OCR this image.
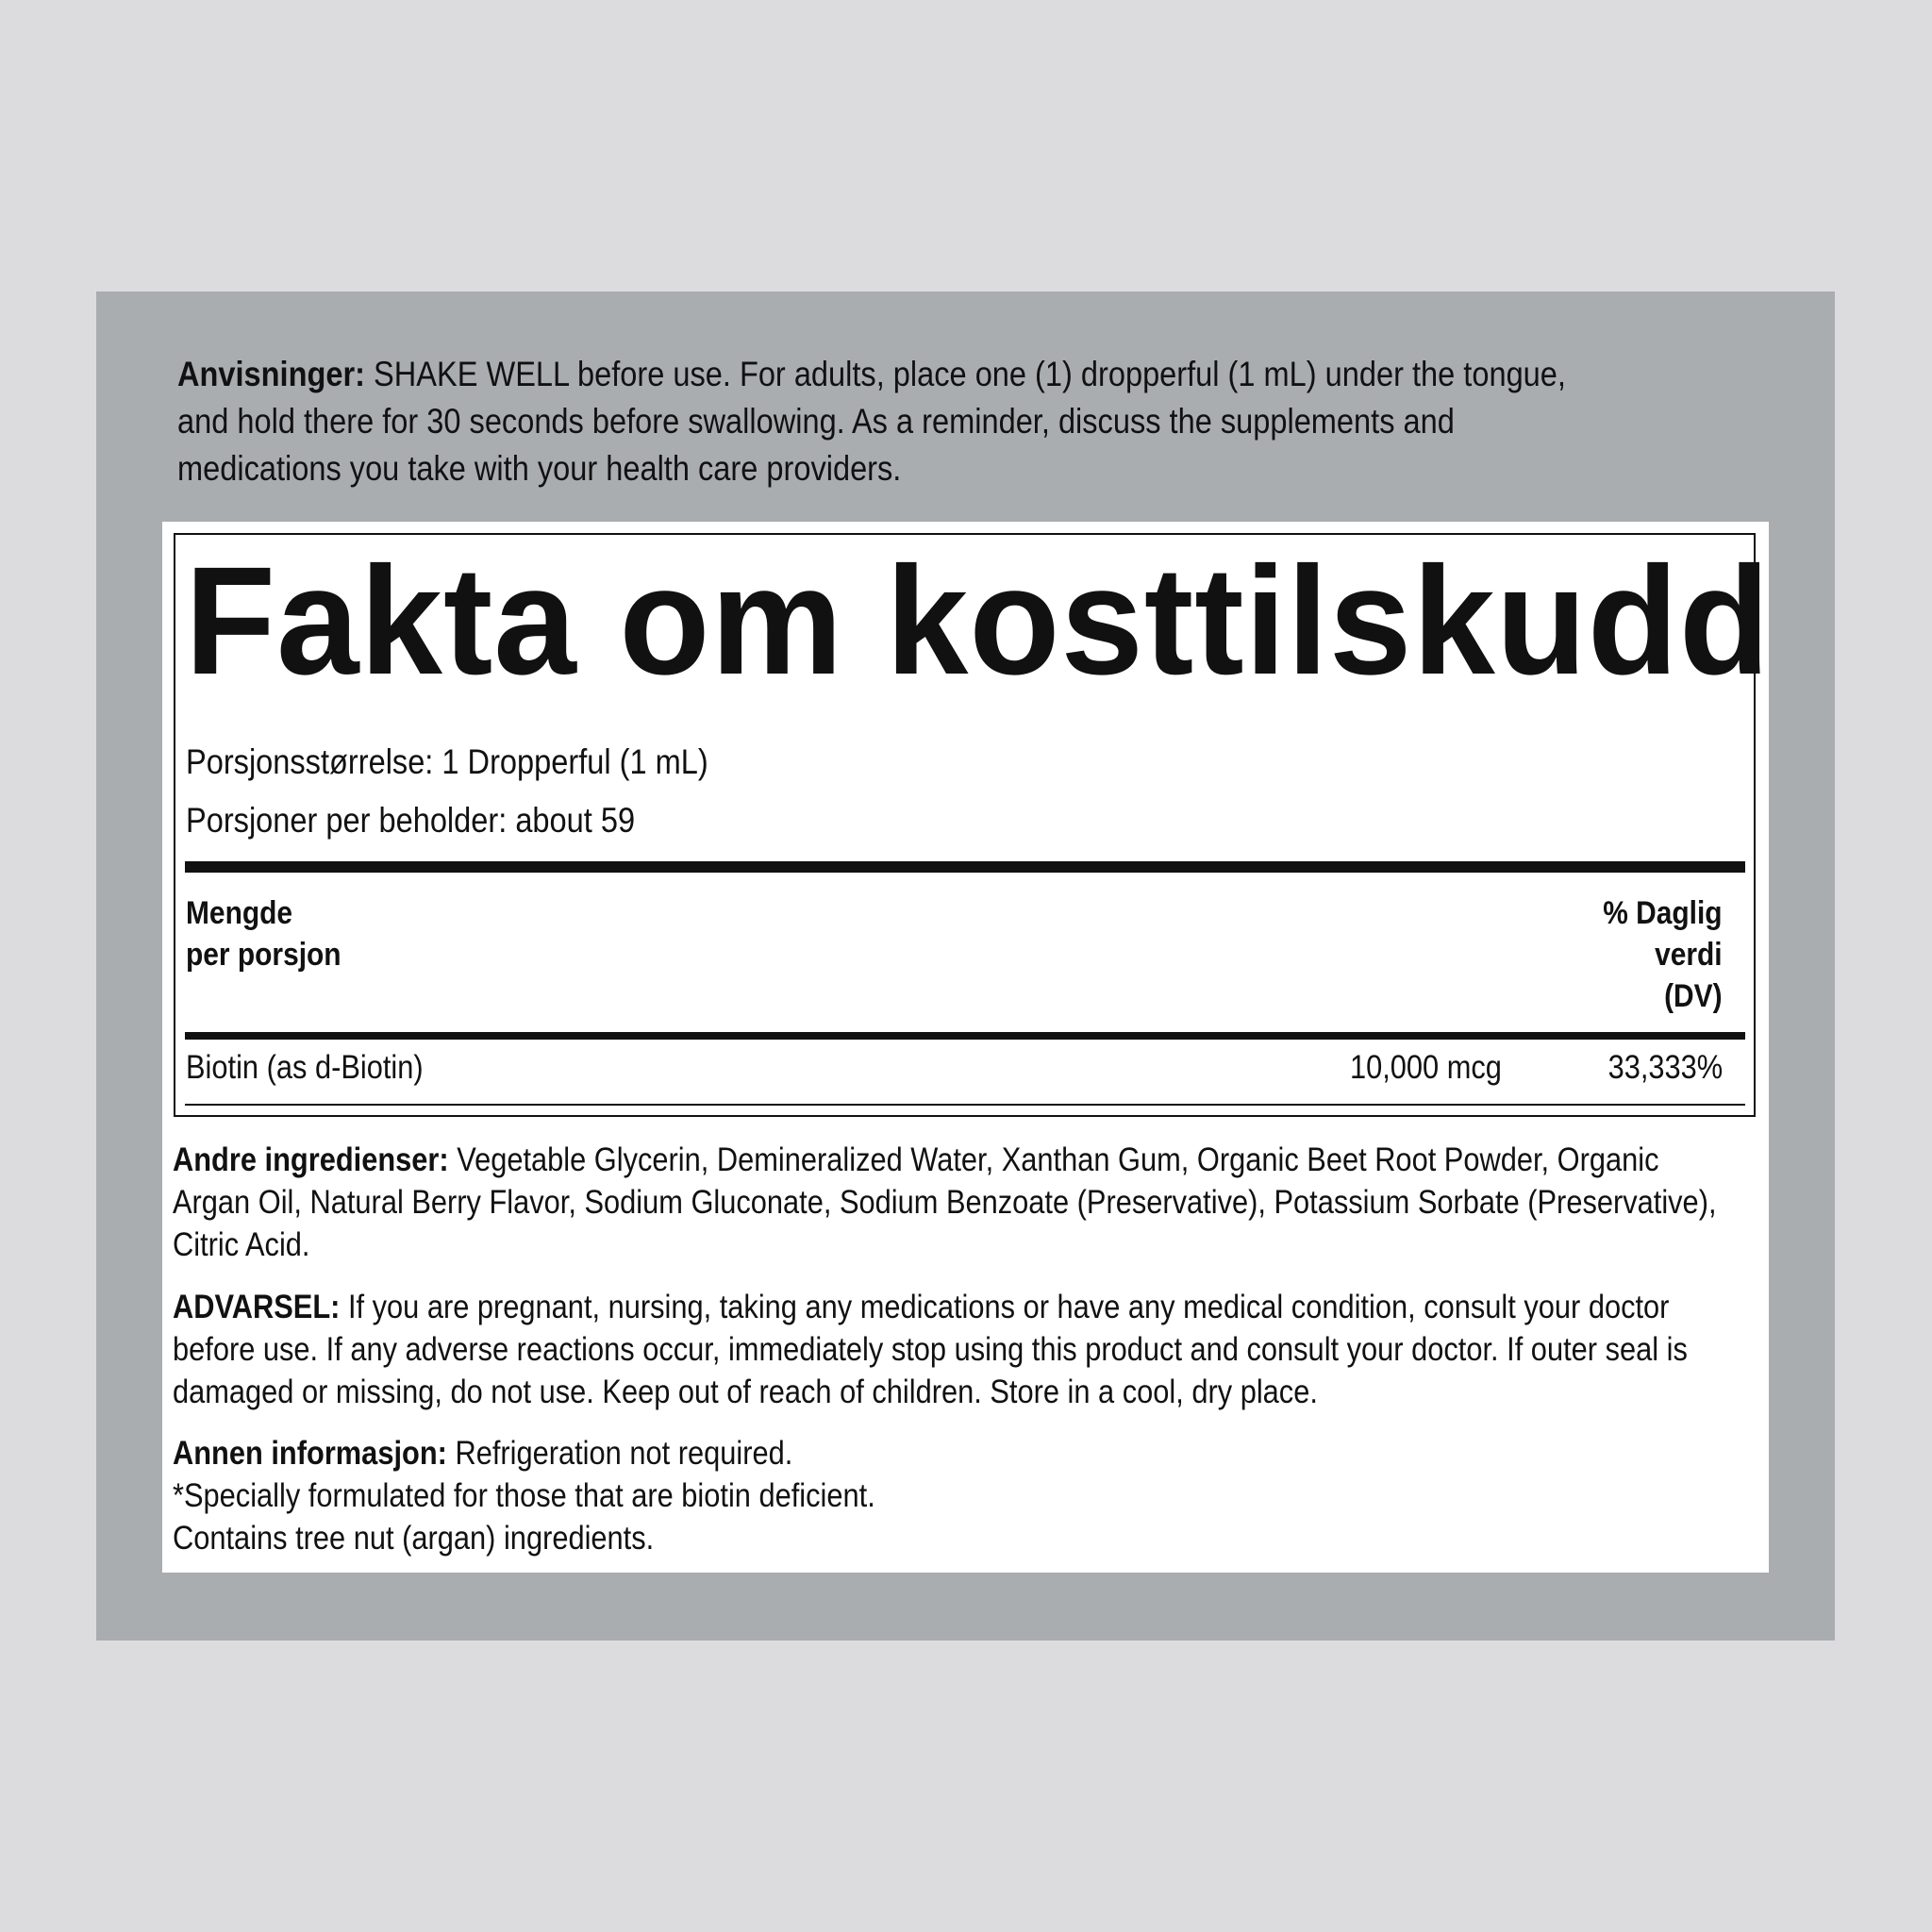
Anvisninger: SHAKE WELL before use. For adults, place one (1) dropperful (1 mL) under the tongue, and hold there for 30 seconds before swallowing. As a reminder, discuss the supplements and medications you take with your health care providers.
Fakta om kosttilskudd
Porsjonsstørrelse: 1 Dropperful (1 mL)
Porsjoner per beholder: about 59
Mengde
per porsjon
% Daglig
verdi
(DV)
Biotin (as d-Biotin)	10,000 mcg	33,333%
Andre ingredienser: Vegetable Glycerin, Demineralized Water, Xanthan Gum, Organic Beet Root Powder, Organic Argan Oil, Natural Berry Flavor, Sodium Gluconate, Sodium Benzoate (Preservative), Potassium Sorbate (Preservative), Citric Acid.
ADVARSEL: If you are pregnant, nursing, taking any medications or have any medical condition, consult your doctor before use. If any adverse reactions occur, immediately stop using this product and consult your doctor. If outer seal is damaged or missing, do not use. Keep out of reach of children. Store in a cool, dry place.
Annen informasjon: Refrigeration not required.
*Specially formulated for those that are biotin deficient.
Contains tree nut (argan) ingredients.
